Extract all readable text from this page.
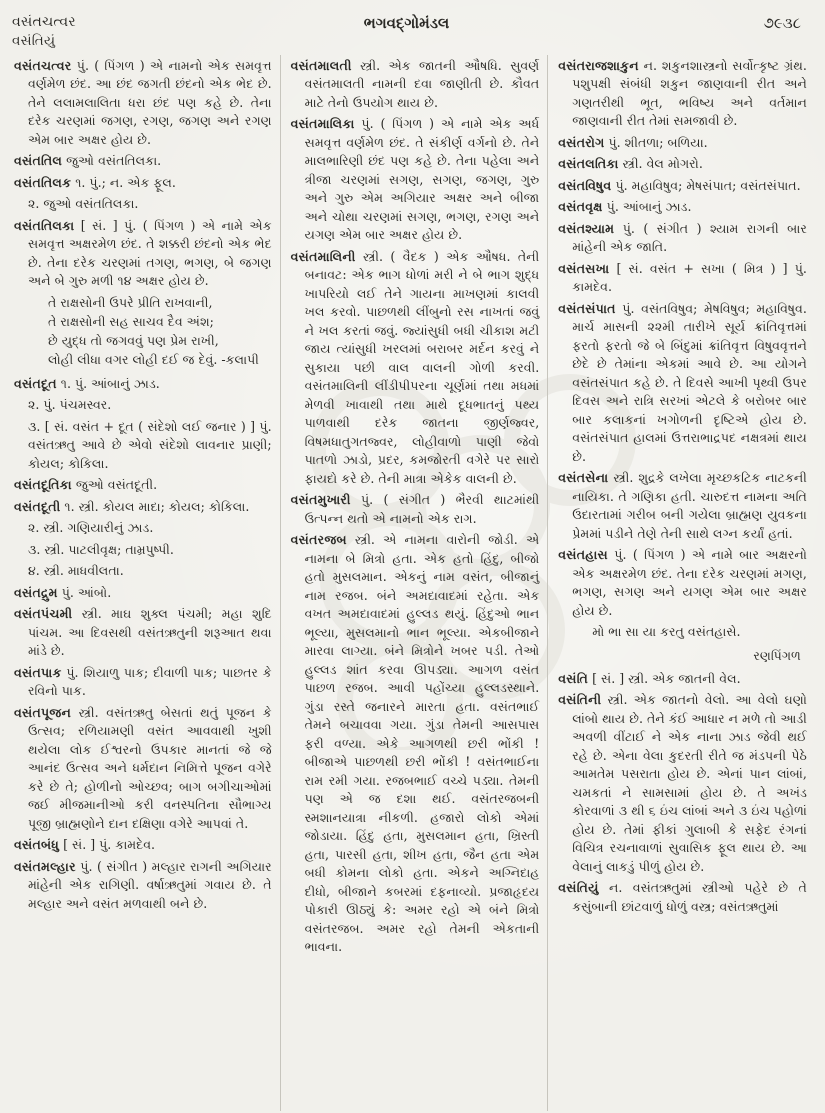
વસંતચત્વર
વસંતિયું
ભગવદ્ગોમંડલ	૭૯૩૮

વસંતચત્વર પું. ( પિંગળ ) એ નામનો એક સમવૃત્ત વર્ણમેળ છંદ. આ છંદ જગતી છંદનો એક ભેદ છે. તેને લલામલાલિતા ધરા છંદ પણ કહે છે. તેના દરેક ચરણમાં જગણ, રગણ, જગણ અને રગણ એમ બાર અક્ષર હોય છે.

વસંતતિલ જુઓ વસંતતિલકા.

વસંતતિલક ૧. પું.; ન. એક ફૂલ.

૨. જુઓ વસંતતિલકા.

વસંતતિલકા [ સં. ] પું. ( પિંગળ ) એ નામે એક સમવૃત્ત અક્ષરમેળ છંદ. તે શક્કરી છંદનો એક ભેદ છે. તેના દરેક ચરણમાં તગણ, ભગણ, બે જગણ અને બે ગુરુ મળી ૧૪ અક્ષર હોય છે.

તે રાક્ષસોની ઉપરે પ્રીતિ રાખવાની,
તે રાક્ષસોની સહ સાચવ દૈવ અંશ;
છે યુદ્ધ તો જગવવું પણ પ્રેમ રાખી,
લોહી લીધા વગર લોહી દઈ જ દેવું. -કલાપી

વસંતદૂત ૧. પું. આંબાનું ઝાડ.

૨. પું. પંચમસ્વર.

૩. [ સં. વસંત + દૂત ( સંદેશો લઈ જનાર ) ] પું. વસંતઋતુ આવે છે એવો સંદેશો લાવનાર પ્રાણી; કોયલ; કોકિલા.

વસંતદૂતિકા જુઓ વસંતદૂતી.

વસંતદૂતી ૧. સ્ત્રી. કોયલ માદા; કોયલ; કોકિલા.

૨. સ્ત્રી. ગણિયારીનું ઝાડ.

૩. સ્ત્રી. પાટલીવૃક્ષ; તામ્રપુષ્પી.

૪. સ્ત્રી. માધવીલતા.

વસંતદ્રુમ પું. આંબો.

વસંતપંચમી સ્ત્રી. માઘ શુક્લ પંચમી; મહા શુદિ પાંચમ. આ દિવસથી વસંતઋતુની શરૂઆત થવા માંડે છે.

વસંતપાક પું. શિયાળુ પાક; દીવાળી પાક; પાછતર કે રવિનો પાક.

વસંતપૂજન સ્ત્રી. વસંતઋતુ બેસતાં થતું પૂજન કે ઉત્સવ; રળિયામણી વસંત આવવાથી ખુશી થયેલા લોક ઈશ્વરનો ઉપકાર માનતાં જે જે આનંદ ઉત્સવ અને ધર્મદાન નિમિત્તે પૂજન વગેરે કરે છે તે; હોળીનો ઓચ્છવ; બાગ બગીચાઓમાં જઈ મીજમાનીઓ કરી વનસ્પતિના સૌભાગ્ય પૂજી બ્રાહ્મણોને દાન દક્ષિણા વગેરે આપવાં તે.

વસંતબંધુ [ સં. ] પું. કામદેવ.

વસંતમલ્હાર પું. ( સંગીત ) મલ્હાર રાગની અગિયાર માંહેની એક રાગિણી. વર્ષાઋતુમાં ગવાય છે. તે મલ્હાર અને વસંત મળવાથી બને છે.

વસંતમાલતી સ્ત્રી. એક જાતની ઔષધિ. સુવર્ણ વસંતમાલતી નામની દવા જાણીતી છે. કૌવત માટે તેનો ઉપયોગ થાય છે.

વસંતમાલિકા પું. ( પિંગળ ) એ નામે એક અર્ધ સમવૃત્ત વર્ણમેળ છંદ. તે સંકીર્ણ વર્ગનો છે. તેને માલભારિણી છંદ પણ કહે છે. તેના પહેલા અને ત્રીજા ચરણમાં સગણ, સગણ, જગણ, ગુરુ અને ગુરુ એમ અગિયાર અક્ષર અને બીજા અને ચોથા ચરણમાં સગણ, ભગણ, રગણ અને યગણ એમ બાર અક્ષર હોય છે.

વસંતમાલિની સ્ત્રી. ( વૈદક ) એક ઔષધ. તેની બનાવટ: એક ભાગ ધોળાં મરી ને બે ભાગ શુદ્ધ ખાપરિયો લઈ તેને ગાયના માખણમાં કાલવી ખલ કરવો. પાછળથી લીંબુનો રસ નાખતાં જવું ને ખલ કરતાં જવું. જ્યાંસુધી બધી ચીકાશ મટી જાય ત્યાંસુધી ખરલમાં બરાબર મર્દન કરવું ને સુકાયા પછી વાલ વાલની ગોળી કરવી. વસંતમાલિની લીંડીપીપરના ચૂર્ણમાં તથા મધમાં મેળવી ખાવાથી તથા માથે દૂધભાતનું પથ્ય પાળવાથી દરેક જાતના જીર્ણજ્વર, વિષમધાતુગતજ્વર, લોહીવાળો પાણી જેવો પાતળો ઝાડો, પ્રદર, કમજોરતી વગેરે પર સારો ફાયદો કરે છે. તેની માત્રા એકેક વાલની છે.

વસંતમુખારી પું. ( સંગીત ) ભૈરવી થાટમાંથી ઉત્પન્ન થતો એ નામનો એક રાગ.

વસંતરજબ સ્ત્રી. એ નામના વારોની જોડી. એ નામના બે મિત્રો હતા. એક હતો હિંદુ, બીજો હતો મુસલમાન. એકનું નામ વસંત, બીજાનું નામ રજબ. બંને અમદાવાદમાં રહેતા. એક વખત અમદાવાદમાં હુલ્લડ થયું. હિંદુઓ ભાન ભૂલ્યા, મુસલમાનો ભાન ભૂલ્યા. એકબીજાને મારવા લાગ્યા. બંને મિત્રોને ખબર પડી. તેઓ હુલ્લડ શાંત કરવા ઊપડ્યા. આગળ વસંત પાછળ રજબ. આવી પહોંચ્યા હુલ્લડસ્થાને. ગુંડા રસ્તે જનારને મારતા હતા. વસંતભાઈ તેમને બચાવવા ગયા. ગુંડા તેમની આસપાસ ફરી વળ્યા. એકે આગળથી છરી ભોંકી ! બીજાએ પાછળથી છરી ભોંકી ! વસંતભાઈના રામ રમી ગયા. રજબભાઈ વચ્ચે પડ્યા. તેમની પણ એ જ દશા થઈ. વસંતરજબની સ્મશાનયાત્રા નીકળી. હજારો લોકો એમાં જોડાયા. હિંદુ હતા, મુસલમાન હતા, ખ્રિસ્તી હતા, પારસી હતા, શીખ હતા, જૈન હતા એમ બધી કોમના લોકો હતા. એકને અગ્નિદાહ દીધો, બીજાને કબરમાં દફનાવ્યો. પ્રજાહૃદય પોકારી ઊઠ્યું કે: અમર રહો એ બંને મિત્રો વસંતરજબ. અમર રહો તેમની એકતાની ભાવના.

વસંતરાજશાકુન ન. શકુનશાસ્ત્રનો સર્વોત્કૃષ્ટ ગ્રંથ. પશુપક્ષી સંબંધી શકુન જાણવાની રીત અને ગણતરીથી ભૂત, ભવિષ્ય અને વર્તમાન જાણવાની રીત તેમાં સમજાવી છે.

વસંતરોગ પું. શીતળા; બળિયા.

વસંતલતિકા સ્ત્રી. વેલ મોગરો.

વસંતવિષુવ પું. મહાવિષુવ; મેષસંપાત; વસંતસંપાત.

વસંતવૃક્ષ પું. આંબાનું ઝાડ.

વસંતશ્યામ પું. ( સંગીત ) શ્યામ રાગની બાર માંહેની એક જાતિ.

વસંતસખા [ સં. વસંત + સખા ( મિત્ર ) ] પું. કામદેવ.

વસંતસંપાત પું. વસંતવિષુવ; મેષવિષુવ; મહાવિષુવ. માર્ચ માસની ૨૨મી તારીખે સૂર્ય ક્રાંતિવૃત્તમાં ફરતો ફરતો જે બે બિંદુમાં ક્રાંતિવૃત્ત વિષુવવૃત્તને છેદે છે તેમાંના એકમાં આવે છે. આ યોગને વસંતસંપાત કહે છે. તે દિવસે આખી પૃથ્વી ઉપર દિવસ અને રાત્રિ સરખાં એટલે કે બરોબર બાર બાર કલાકનાં ખગોળની દૃષ્ટિએ હોય છે. વસંતસંપાત હાલમાં ઉત્તરાભાદ્રપદ નક્ષત્રમાં થાય છે.

વસંતસેના સ્ત્રી. શુદ્રકે લખેલા મૃચ્છકટિક નાટકની નાયિકા. તે ગણિકા હતી. ચારુદત્ત નામના અતિ ઉદારતામાં ગરીબ બની ગયેલા બ્રાહ્મણ યુવકના પ્રેમમાં પડીને તેણે તેની સાથે લગ્ન કર્યાં હતાં.

વસંતહાસ પું. ( પિંગળ ) એ નામે બાર અક્ષરનો એક અક્ષરમેળ છંદ. તેના દરેક ચરણમાં મગણ, ભગણ, સગણ અને યગણ એમ બાર અક્ષર હોય છે.

મો ભા સા યા કરતુ વસંતહાસે.
રણપિંગળ

વસંતિ [ સં. ] સ્ત્રી. એક જાતની વેલ.

વસંતિની સ્ત્રી. એક જાતનો વેલો. આ વેલો ઘણો લાંબો થાય છે. તેને કંઈ આધાર ન મળે તો આડી અવળી વીંટાઈ ને એક નાના ઝાડ જેવી થઈ રહે છે. એના વેલા કુદરતી રીતે જ મંડપની પેઠે આમતેમ પસરાતા હોય છે. એનાં પાન લાંબાં, ચમકતાં ને સામસામાં હોય છે. તે અખંડ કોરવાળાં ૩ થી ૬ ઇંચ લાંબાં અને ૩ ઇંચ પહોળાં હોય છે. તેમાં ફીકાં ગુલાબી કે સફેદ રંગનાં વિચિત્ર રચનાવાળાં સુવાસિક ફૂલ થાય છે. આ વેલાનું લાકડું પીળું હોય છે.

વસંતિયું ન. વસંતઋતુમાં સ્ત્રીઓ પહેરે છે તે કસુંબાની છાંટવાળું ધોળું વસ્ત્ર; વસંતઋતુમાં
